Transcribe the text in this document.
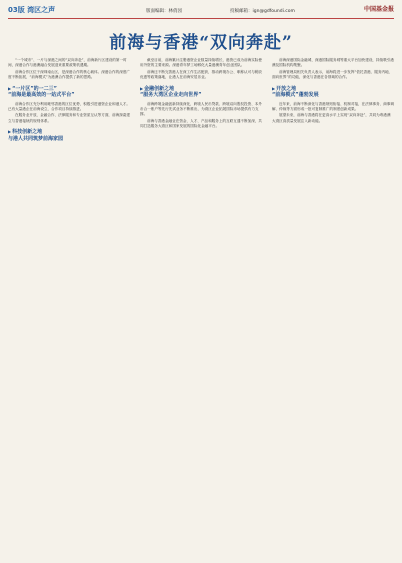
03版 湾区之声	版面编辑：林俏园	投稿邮箱：ign@gdfoundi.com	中国基金报
前海与香港“双向奔赴”

“一个城市”、一片与深港之间的“双向奔赴”，前海新片区建设的第一时间，深港合作与港澳融合发展迎来重要政策机遇期。

前海合作区位于深圳南山区，是深港合作的核心载体。深港合作的深度广度不断拓展，“前海模式”为港澳合作提供了新的思路。

▶ “一片区”的一二三”
“前海是最高效的一站式平台”

前海合作区充分利用毗邻香港的区位优势，积极引进港资企业和港人才。已有大量港企在前海设立，合作项目持续推进。

在服务业开放、金融合作、法律服务和专业资质互认等方面，前海探索建立与香港接轨的规则体系。

▶ 科技创新之地
与港人共同筑梦前海家园

截至目前，前海累计注册港资企业数量持续增长，港资已成为前海实际使用外资的主要来源。深港青年梦工场孵化大量港澳青年创业团队。

前海还不断完善港人在深工作生活配套，推动跨境办公、职称认可与税收优惠等政策落地，让港人在前海安居乐业。

▶ 金融创新之地
“服务大湾区企业走向世界”

前海跨境金融创新持续深化，跨境人民币贷款、跨境双向股权投资、本外币合一账户等先行先试业务不断推出，为湾区企业拓展国际市场提供有力支撑。

前海与香港金融业在资金、人才、产品和服务上的互联互通不断加深，共同打造服务大湾区和国家发展的国际化金融平台。

前海深港国际金融城、深港国际服务城等重大平台加快建设，持续吸引港澳及国际机构集聚。

前海管理局相关负责人表示，前海将进一步发挥“依托香港、服务内地、面向世界”的功能，深化与香港在各领域的合作。

▶ 开放之地
“前海模式”蓬勃发展

近年来，前海不断深化与香港规则衔接、机制对接，在法律事务、商事调解、仲裁等方面形成一批可复制推广的制度创新成果。

展望未来，前海与香港将在更高水平上实现“双向奔赴”，共同为粤港澳大湾区高质量发展注入新动能。
